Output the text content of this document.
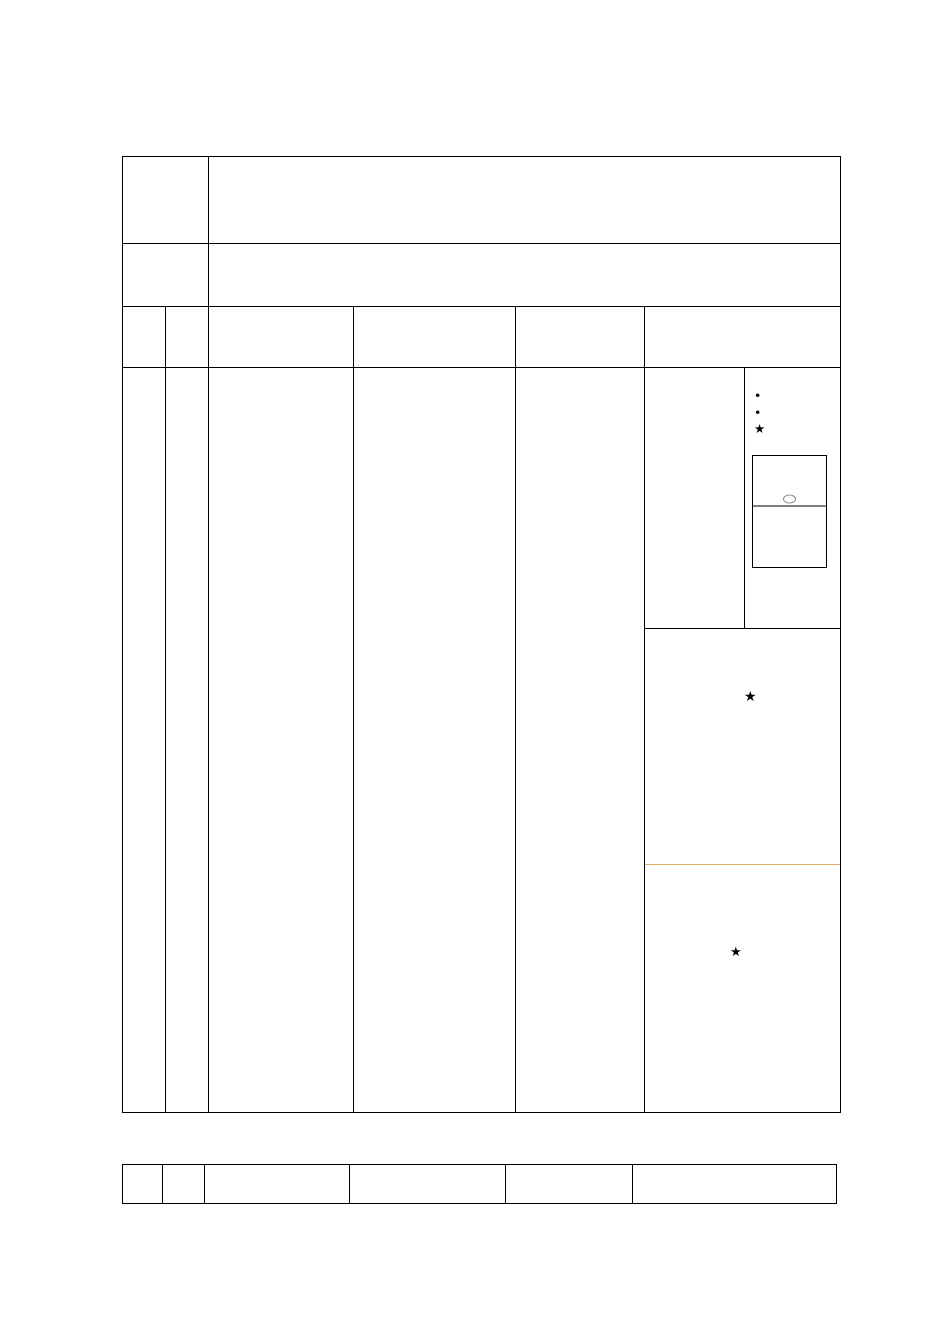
•
•
★
★
★
